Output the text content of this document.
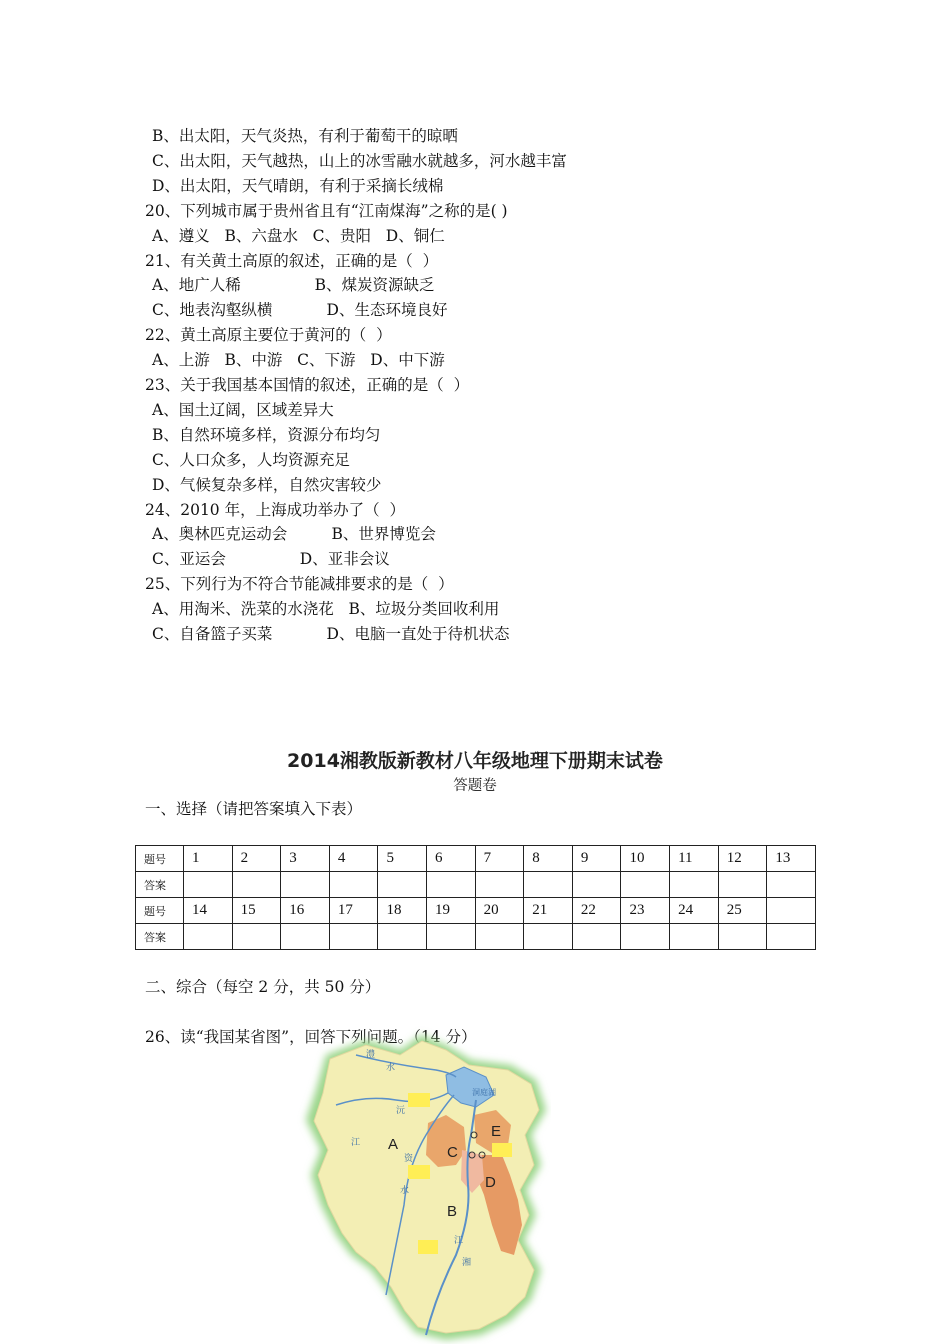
B、出太阳，天气炎热，有利于葡萄干的晾晒
C、出太阳，天气越热，山上的冰雪融水就越多，河水越丰富
D、出太阳，天气晴朗，有利于采摘长绒棉
20、下列城市属于贵州省且有“江南煤海”之称的是( )
A、遵义   B、六盘水   C、贵阳   D、铜仁
21、有关黄土高原的叙述，正确的是（  ）
A、地广人稀               B、煤炭资源缺乏
C、地表沟壑纵横           D、生态环境良好
22、黄土高原主要位于黄河的（  ）
A、上游   B、中游   C、下游   D、中下游
23、关于我国基本国情的叙述，正确的是（  ）
A、国土辽阔，区域差异大
B、自然环境多样，资源分布均匀
C、人口众多，人均资源充足
D、气候复杂多样，自然灾害较少
24、2010 年，上海成功举办了（  ）
A、奥林匹克运动会         B、世界博览会
C、亚运会               D、亚非会议
25、下列行为不符合节能减排要求的是（  ）
A、用淘米、洗菜的水浇花   B、垃圾分类回收利用
C、自备篮子买菜           D、电脑一直处于待机状态
2014湘教版新教材八年级地理下册期末试卷
答题卷
一、选择（请把答案填入下表）
题号	1	2	3	4	5	6	7	8	9	10	11	12	13
答案													
题号	14	15	16	17	18	19	20	21	22	23	24	25	
答案													
二、综合（每空 2 分，共 50 分）
26、读“我国某省图”，回答下列问题。（14 分）
A
B
C
D
E
洞庭湖
澧
水
沅
江
资
水
江
湘
